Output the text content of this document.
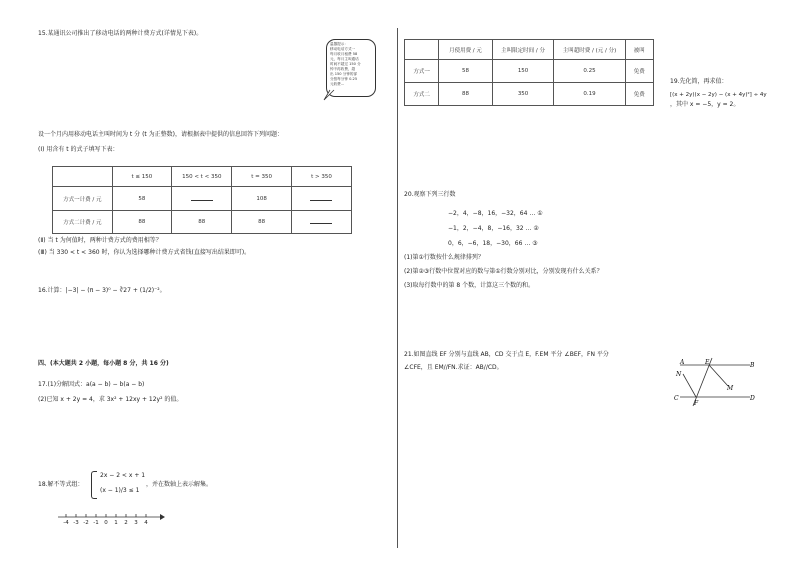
15.某通讯公司推出了移动电话的两种计费方式(详情见下表)。
温馨提示：
移动电话方式一
每月收月租费 58
元，每月主叫通话
时间不超过 150 分
钟不再收费，超
出 150 分钟的部
分按每分钟 0.25
元收费…
设一个月内用移动电话主叫时间为 t 分 (t 为正整数)，请根据表中提供的信息回答下列问题：
(Ⅰ) 用含有 t 的式子填写下表：
	t ≤ 150	150 < t < 350	t = 350	t > 350
方式一计费 / 元	58		108	
方式二计费 / 元	88	88	88	
(Ⅱ) 当 t 为何值时，两种计费方式的费用相等？
(Ⅲ) 当 330 < t < 360 时，你认为选择哪种计费方式省钱(直接写出结果即可)。
16.计算：|−3| − (π − 3)⁰ − ∛27 + (1/2)⁻²。
四、(本大题共 2 小题，每小题 8 分，共 16 分)
17.(1)分解因式：a(a − b) − b(a − b)
(2)已知 x + 2y = 4，求 3x² + 12xy + 12y² 的值。
18.解不等式组：
2x − 2 < x + 1
(x − 1)/3 ≤ 1
，并在数轴上表示解集。
-4 -3 -2 -1	0	1	2	3	4
	月使用费 / 元	主叫限定时间 / 分	主叫超时费 / (元 / 分)	被叫
方式一	58	150	0.25	免费
方式二	88	350	0.19	免费
19.先化简，再求值：
[(x + 2y)(x − 2y) − (x + 4y)²] ÷ 4y
，其中 x = −5，y = 2。
20.观察下列三行数
−2，4，−8，16，−32，64 … ①
−1，2，−4，8，−16，32 … ②
0，6，−6，18，−30，66 … ③
(1)第①行数按什么规律排列？
(2)第②③行数中位置对应的数与第①行数分别对比，分别发现有什么关系？
(3)取每行数中的第 8 个数，计算这三个数的和。
21.如图直线 EF 分别与直线 AB，CD 交于点 E，F.EM 平分 ∠BEF，FN 平分
∠CFE，且 EM//FN.求证：AB//CD。
A	B
C	D
E
F
M
N
